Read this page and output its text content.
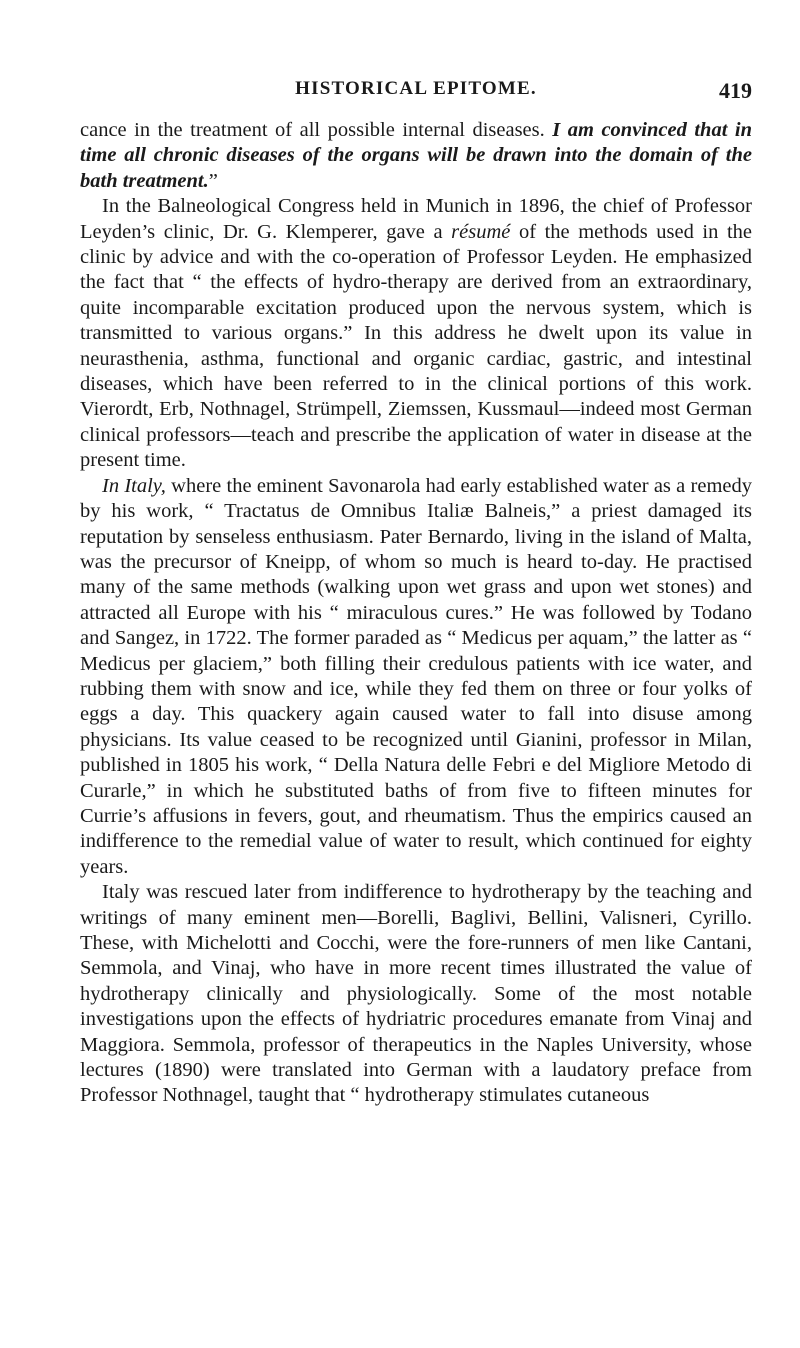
HISTORICAL EPITOME.	419

cance in the treatment of all possible internal diseases. I am convinced that in time all chronic diseases of the organs will be drawn into the domain of the bath treatment.”

In the Balneological Congress held in Munich in 1896, the chief of Professor Leyden’s clinic, Dr. G. Klemperer, gave a résumé of the methods used in the clinic by advice and with the co-operation of Professor Leyden. He emphasized the fact that “ the effects of hydro-therapy are derived from an extraordinary, quite incomparable excitation produced upon the nervous system, which is transmitted to various organs.” In this address he dwelt upon its value in neurasthenia, asthma, functional and organic cardiac, gastric, and intestinal diseases, which have been referred to in the clinical portions of this work. Vierordt, Erb, Nothnagel, Strümpell, Ziemssen, Kussmaul—indeed most German clinical professors—teach and prescribe the application of water in disease at the present time.

In Italy, where the eminent Savonarola had early established water as a remedy by his work, “ Tractatus de Omnibus Italiæ Balneis,” a priest damaged its reputation by senseless enthusiasm. Pater Bernardo, living in the island of Malta, was the precursor of Kneipp, of whom so much is heard to-day. He practised many of the same methods (walking upon wet grass and upon wet stones) and attracted all Europe with his “ miraculous cures.” He was followed by Todano and Sangez, in 1722. The former paraded as “ Medicus per aquam,” the latter as “ Medicus per glaciem,” both filling their credulous patients with ice water, and rubbing them with snow and ice, while they fed them on three or four yolks of eggs a day. This quackery again caused water to fall into disuse among physicians. Its value ceased to be recognized until Gianini, professor in Milan, published in 1805 his work, “ Della Natura delle Febri e del Migliore Metodo di Curarle,” in which he substituted baths of from five to fifteen minutes for Currie’s affusions in fevers, gout, and rheumatism. Thus the empirics caused an indifference to the remedial value of water to result, which continued for eighty years.

Italy was rescued later from indifference to hydrotherapy by the teaching and writings of many eminent men—Borelli, Baglivi, Bellini, Valisneri, Cyrillo. These, with Michelotti and Cocchi, were the fore-runners of men like Cantani, Semmola, and Vinaj, who have in more recent times illustrated the value of hydrotherapy clinically and physiologically. Some of the most notable investigations upon the effects of hydriatric procedures emanate from Vinaj and Maggiora. Semmola, professor of therapeutics in the Naples University, whose lectures (1890) were translated into German with a laudatory preface from Professor Nothnagel, taught that “ hydrotherapy stimulates cutaneous
